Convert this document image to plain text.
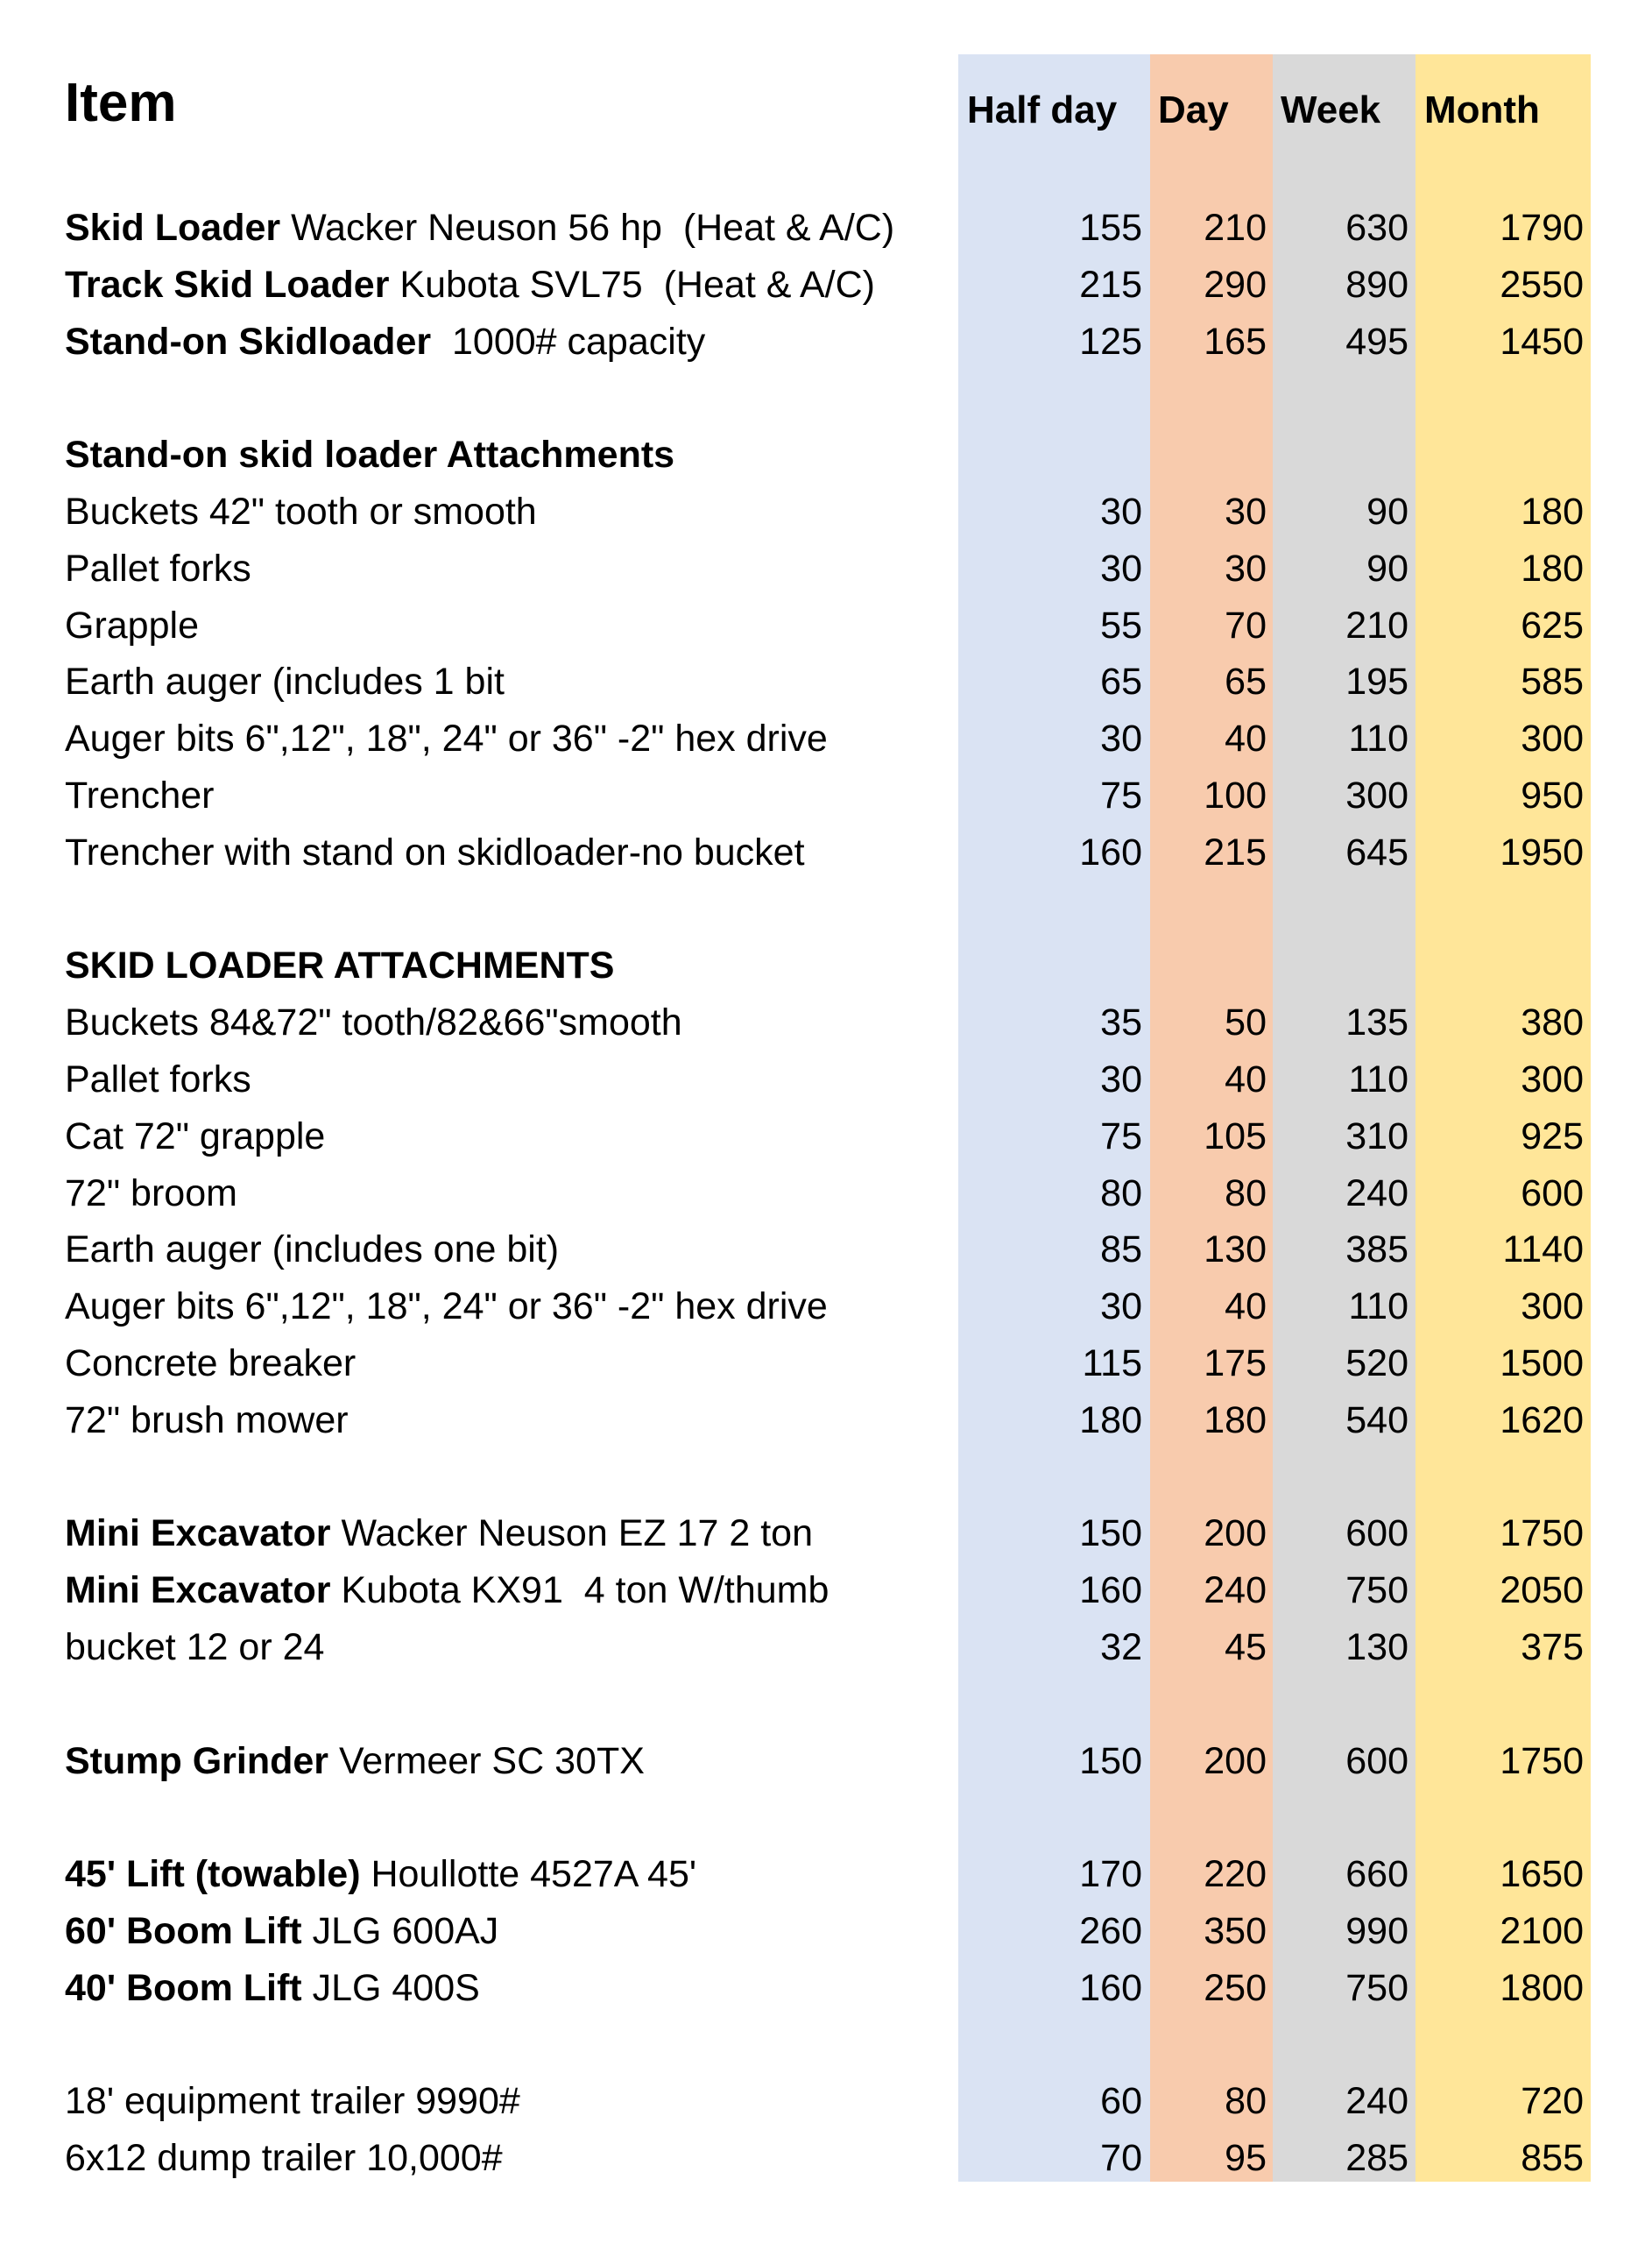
Item	Half day Day Week Month
Skid Loader Wacker Neuson 56 hp  (Heat & A/C)	155 210 630 1790
Track Skid Loader Kubota SVL75  (Heat & A/C)	215 290 890 2550
Stand-on Skidloader  1000# capacity	125 165 495 1450
Stand-on skid loader Attachments
Buckets 42" tooth or smooth	30 30	90	180
Pallet forks	30 30	90	180
Grapple	55 70 210	625
Earth auger (includes 1 bit	65 65 195	585
Auger bits 6",12", 18", 24" or 36" -2" hex drive	30 40 110	300
Trencher	75 100 300	950
Trencher with stand on skidloader-no bucket	160 215 645 1950
SKID LOADER ATTACHMENTS
Buckets 84&72" tooth/82&66"smooth	35 50 135	380
Pallet forks	30 40 110	300
Cat 72" grapple	75 105 310	925
72" broom	80 80 240	600
Earth auger (includes one bit)	85 130 385	1140
Auger bits 6",12", 18", 24" or 36" -2" hex drive	30 40 110	300
Concrete breaker	115 175 520 1500
72" brush mower	180 180 540 1620
Mini Excavator Wacker Neuson EZ 17 2 ton	150 200 600 1750
Mini Excavator Kubota KX91  4 ton W/thumb	160 240 750 2050
bucket 12 or 24	32 45 130	375
Stump Grinder Vermeer SC 30TX	150 200 600 1750
45' Lift (towable) Houllotte 4527A 45'	170 220 660 1650
60' Boom Lift JLG 600AJ	260 350 990 2100
40' Boom Lift JLG 400S	160 250 750 1800
18' equipment trailer 9990#	60 80 240	720
6x12 dump trailer 10,000#	70 95 285	855
